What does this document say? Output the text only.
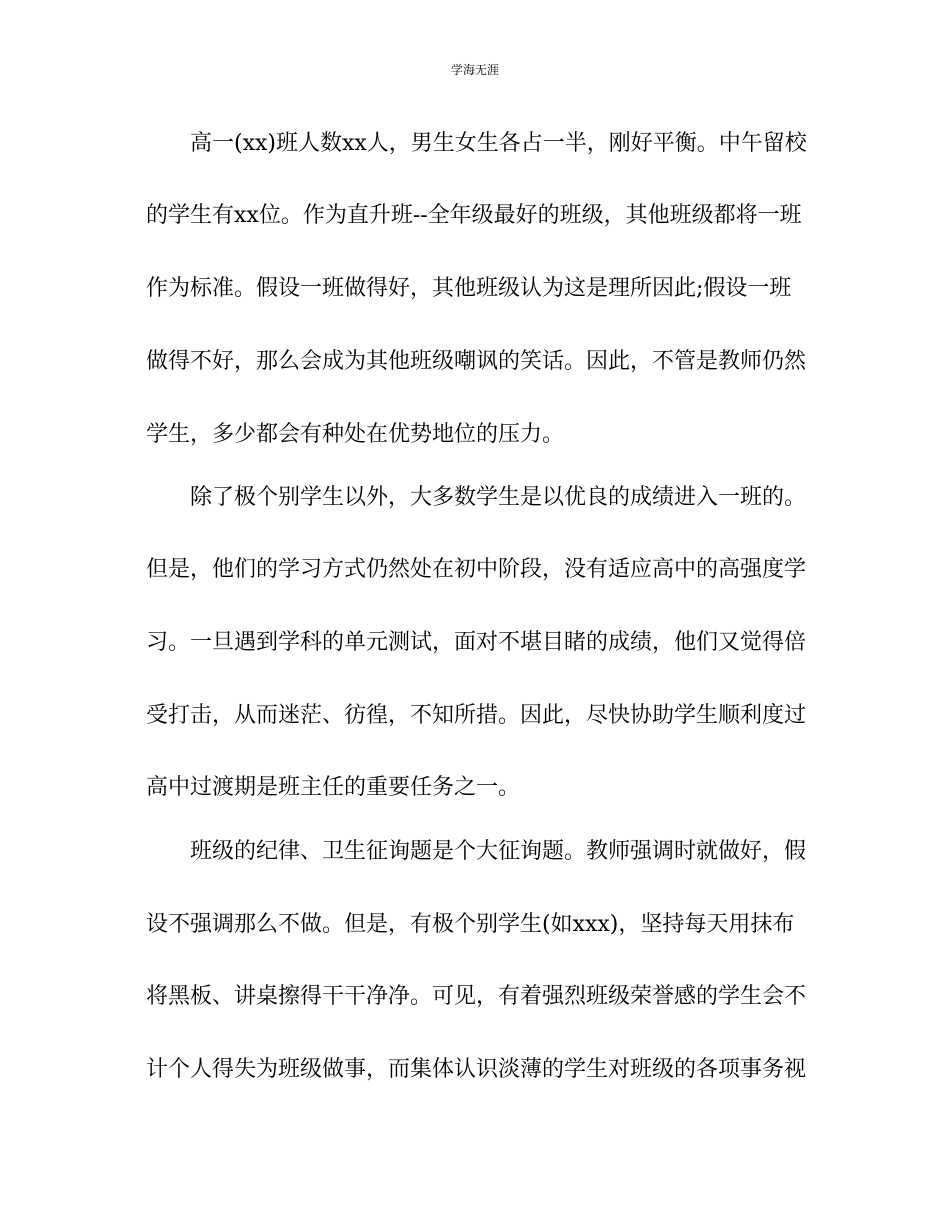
学海无涯
　　高一(xx)班人数xx人，男生女生各占一半，刚好平衡。中午留校
的学生有xx位。作为直升班--全年级最好的班级，其他班级都将一班
作为标准。假设一班做得好，其他班级认为这是理所因此;假设一班
做得不好，那么会成为其他班级嘲讽的笑话。因此，不管是教师仍然
学生，多少都会有种处在优势地位的压力。
　　除了极个别学生以外，大多数学生是以优良的成绩进入一班的。
但是，他们的学习方式仍然处在初中阶段，没有适应高中的高强度学
习。一旦遇到学科的单元测试，面对不堪目睹的成绩，他们又觉得倍
受打击，从而迷茫、彷徨，不知所措。因此，尽快协助学生顺利度过
高中过渡期是班主任的重要任务之一。
　　班级的纪律、卫生征询题是个大征询题。教师强调时就做好，假
设不强调那么不做。但是，有极个别学生(如xxx)，坚持每天用抹布
将黑板、讲桌擦得干干净净。可见，有着强烈班级荣誉感的学生会不
计个人得失为班级做事，而集体认识淡薄的学生对班级的各项事务视
